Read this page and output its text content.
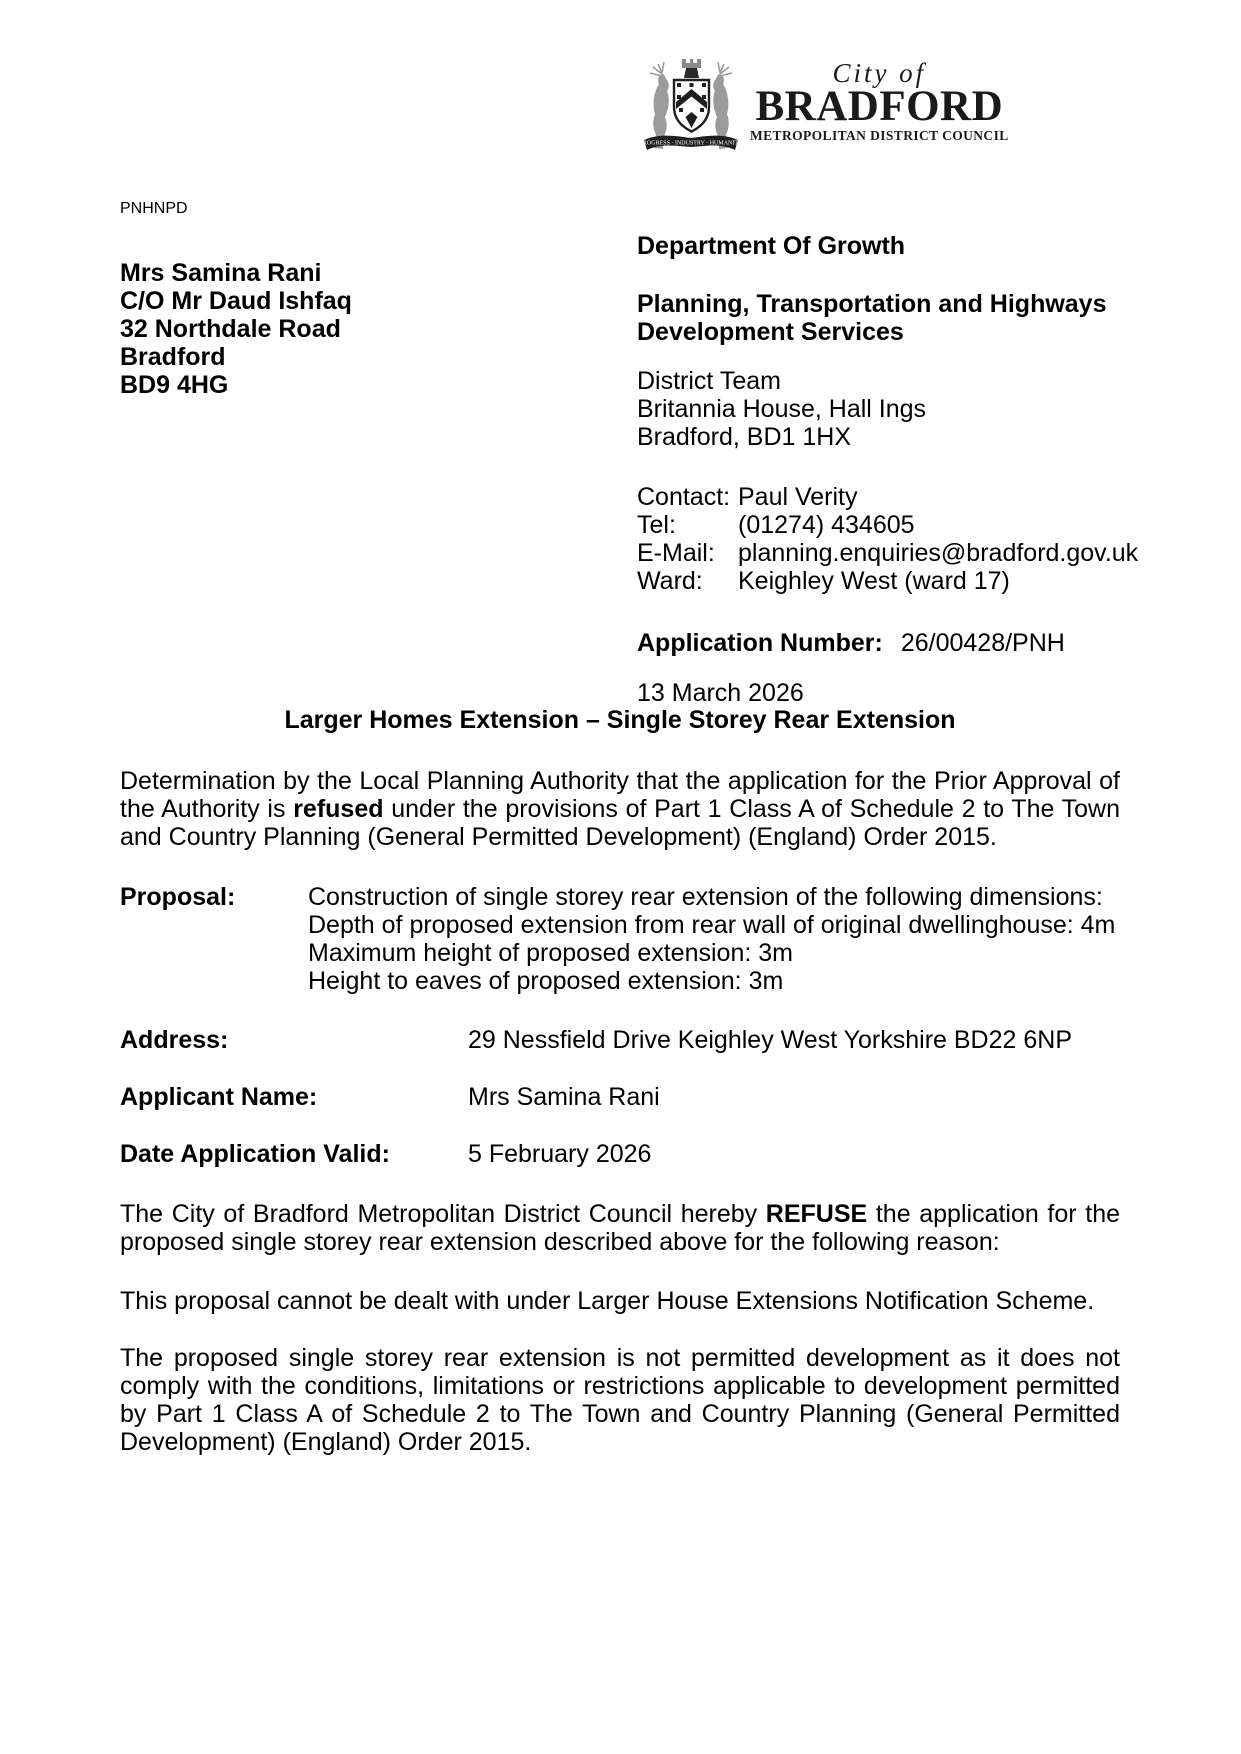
PROGRESS · INDUSTRY · HUMANITY
City of
BRADFORD
METROPOLITAN DISTRICT COUNCIL
PNHNPD
Mrs Samina Rani
C/O Mr Daud Ishfaq
32 Northdale Road
Bradford
BD9 4HG
Department Of Growth
Planning, Transportation and Highways
Development Services
District Team
Britannia House, Hall Ings
Bradford, BD1 1HX
Contact: Paul Verity
Tel:	(01274) 434605
E-Mail: planning.enquiries@bradford.gov.uk
Ward:	Keighley West (ward 17)
Application Number: 26/00428/PNH
13 March 2026
Larger Homes Extension – Single Storey Rear Extension

Determination by the Local Planning Authority that the application for the Prior Approval of the Authority is refused under the provisions of Part 1 Class A of Schedule 2 to The Town and Country Planning (General Permitted Development) (England) Order 2015.

Proposal:	Construction of single storey rear extension of the following dimensions:
Depth of proposed extension from rear wall of original dwellinghouse: 4m
Maximum height of proposed extension: 3m
Height to eaves of proposed extension: 3m
Address:	29 Nessfield Drive Keighley West Yorkshire BD22 6NP
Applicant Name:	Mrs Samina Rani
Date Application Valid:	5 February 2026

The City of Bradford Metropolitan District Council hereby REFUSE the application for the proposed single storey rear extension described above for the following reason:

This proposal cannot be dealt with under Larger House Extensions Notification Scheme.

The proposed single storey rear extension is not permitted development as it does not comply with the conditions, limitations or restrictions applicable to development permitted by Part 1 Class A of Schedule 2 to The Town and Country Planning (General Permitted Development) (England) Order 2015.
